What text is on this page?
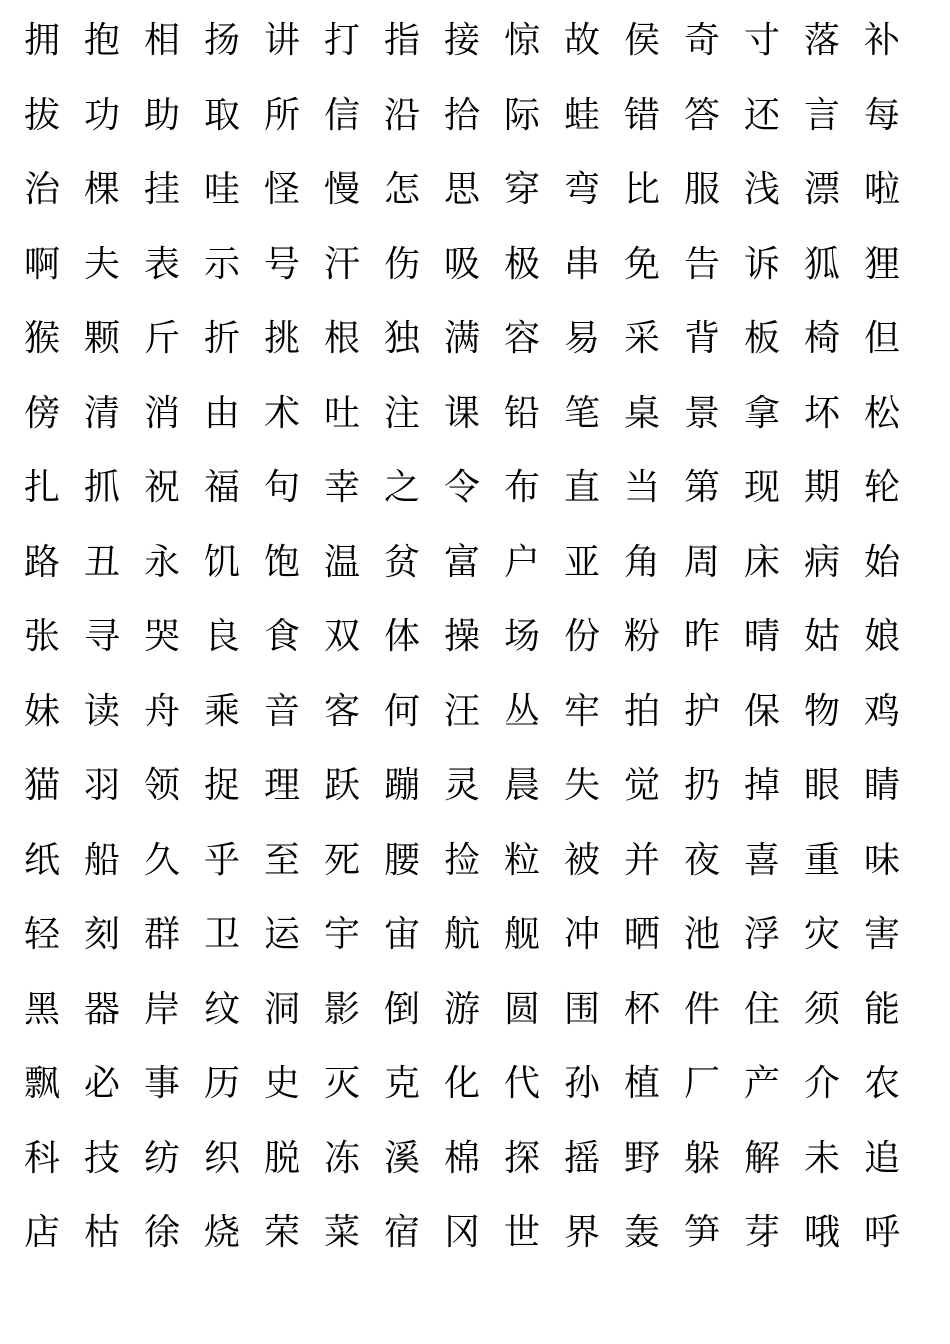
拥 抱 相 扬 讲 打 指 接 惊 故 侯 奇 寸 落 补
拔 功 助 取 所 信 沿 拾 际 蛙 错 答 还 言 每
治 棵 挂 哇 怪 慢 怎 思 穿 弯 比 服 浅 漂 啦
啊 夫 表 示 号 汗 伤 吸 极 串 免 告 诉 狐 狸
猴 颗 斤 折 挑 根 独 满 容 易 采 背 板 椅 但
傍 清 消 由 术 吐 注 课 铅 笔 桌 景 拿 坏 松
扎 抓 祝 福 句 幸 之 令 布 直 当 第 现 期 轮
路 丑 永 饥 饱 温 贫 富 户 亚 角 周 床 病 始
张 寻 哭 良 食 双 体 操 场 份 粉 昨 晴 姑 娘
妹 读 舟 乘 音 客 何 汪 丛 牢 拍 护 保 物 鸡
猫 羽 领 捉 理 跃 蹦 灵 晨 失 觉 扔 掉 眼 睛
纸 船 久 乎 至 死 腰 捡 粒 被 并 夜 喜 重 味
轻 刻 群 卫 运 宇 宙 航 舰 冲 晒 池 浮 灾 害
黑 器 岸 纹 洞 影 倒 游 圆 围 杯 件 住 须 能
飘 必 事 历 史 灭 克 化 代 孙 植 厂 产 介 农
科 技 纺 织 脱 冻 溪 棉 探 摇 野 躲 解 未 追
店 枯 徐 烧 荣 菜 宿 冈 世 界 轰 笋 芽 哦 呼
